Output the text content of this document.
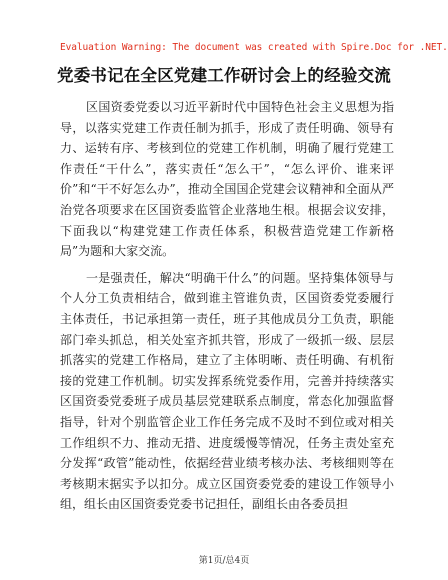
Evaluation Warning: The document was created with Spire.Doc for .NET.
党委书记在全区党建工作研讨会上的经验交流

区国资委党委以习近平新时代中国特色社会主义思想为指导，以落实党建工作责任制为抓手，形成了责任明确、领导有力、运转有序、考核到位的党建工作机制，明确了履行党建工作责任“干什么”，落实责任“怎么干”，“怎么评价、谁来评价”和“干不好怎么办”，推动全国国企党建会议精神和全面从严治党各项要求在区国资委监管企业落地生根。根据会议安排，下面我以“构建党建工作责任体系，积极营造党建工作新格局”为题和大家交流。

一是强责任，解决“明确干什么”的问题。坚持集体领导与个人分工负责相结合，做到谁主管谁负责，区国资委党委履行主体责任，书记承担第一责任，班子其他成员分工负责，职能部门牵头抓总，相关处室齐抓共管，形成了一级抓一级、层层抓落实的党建工作格局，建立了主体明晰、责任明确、有机衔接的党建工作机制。切实发挥系统党委作用，完善并持续落实区国资委党委班子成员基层党建联系点制度，常态化加强监督指导，针对个别监管企业工作任务完成不及时不到位或对相关工作组织不力、推动无措、进度缓慢等情况，任务主责处室充分发挥“政管”能动性，依据经营业绩考核办法、考核细则等在考核期末据实予以扣分。成立区国资委党委的建设工作领导小组，组长由区国资委党委书记担任，副组长由各委员担

第1页/总4页
